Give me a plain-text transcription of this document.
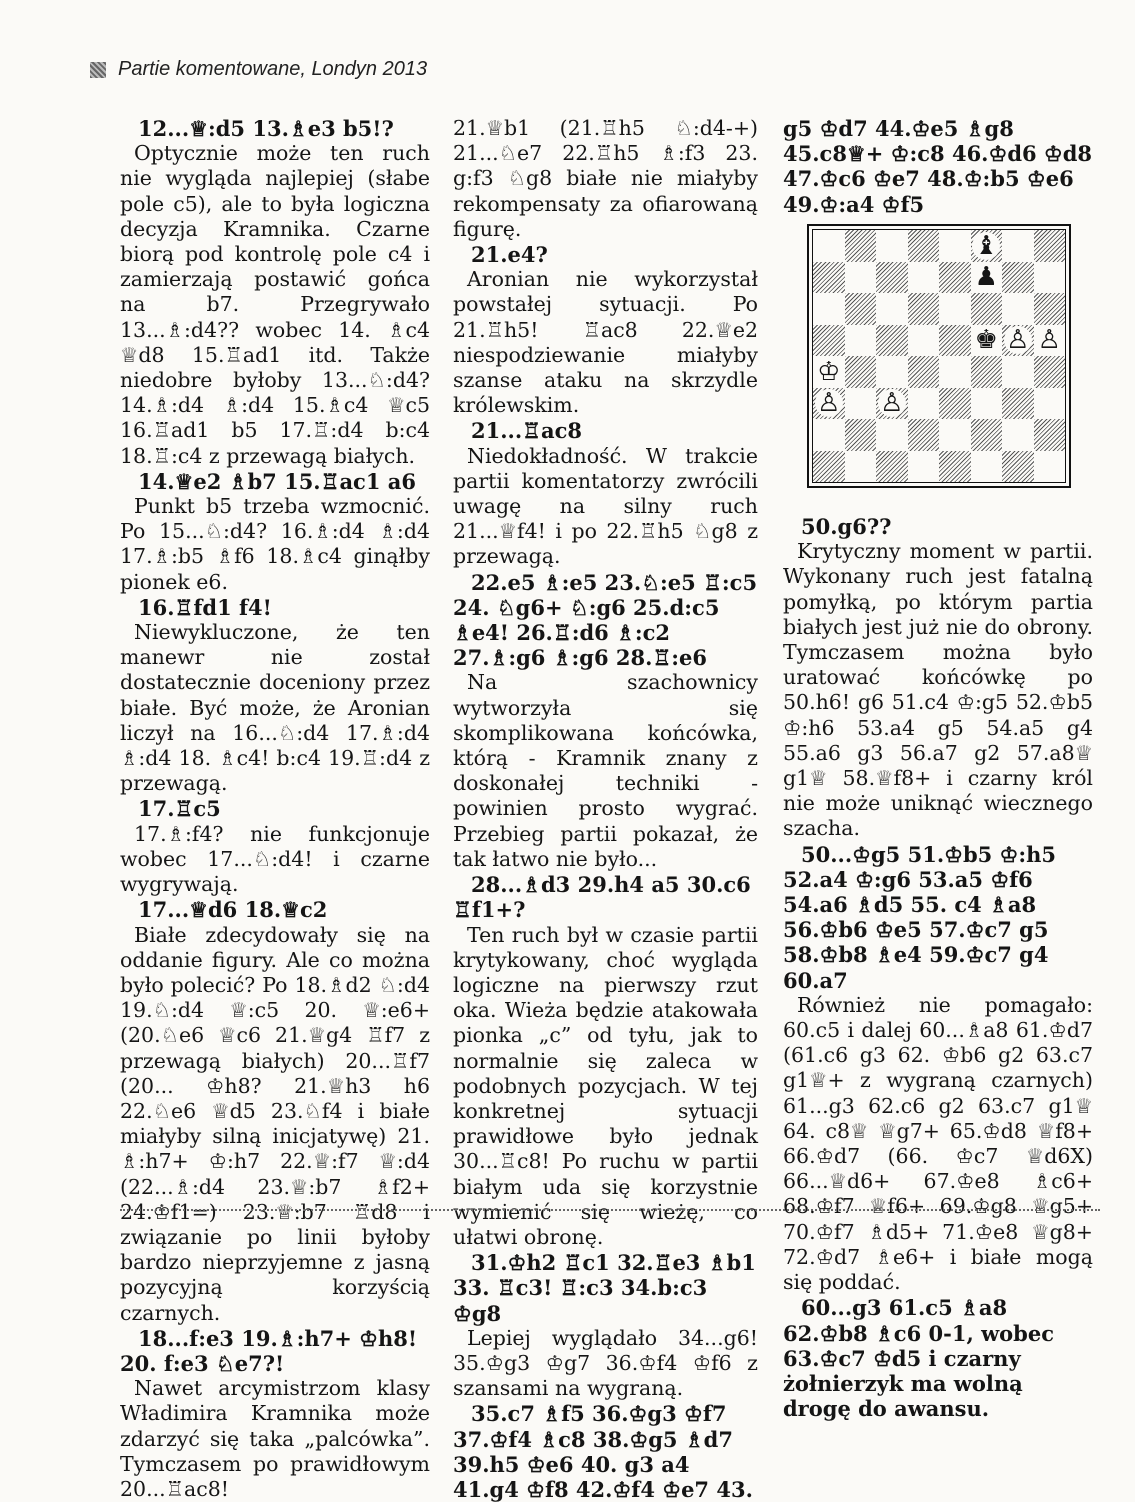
Partie komentowane, Londyn 2013

12...♕:d5 13.♗e3 b5!?

Optycznie może ten ruch nie wygląda najlepiej (słabe pole c5), ale to była logiczna decyzja Kramnika. Czarne biorą pod kontrolę pole c4 i zamierzają postawić gońca na b7. Przegrywało 13...♗:d4?? wobec 14. ♗c4 ♕d8 15.♖ad1 itd. Także niedobre byłoby 13...♘:d4? 14.♗:d4 ♗:d4 15.♗c4 ♕c5 16.♖ad1 b5 17.♖:d4 b:c4 18.♖:c4 z przewagą białych.

14.♕e2 ♗b7 15.♖ac1 a6

Punkt b5 trzeba wzmocnić. Po 15...♘:d4? 16.♗:d4 ♗:d4 17.♗:b5 ♗f6 18.♗c4 ginąłby pionek e6.

16.♖fd1 f4!

Niewykluczone, że ten manewr nie został dostatecznie doceniony przez białe. Być może, że Aronian liczył na 16...♘:d4 17.♗:d4 ♗:d4 18. ♗c4! b:c4 19.♖:d4 z przewagą.

17.♖c5

17.♗:f4? nie funkcjonuje wobec 17...♘:d4! i czarne wygrywają.

17...♕d6 18.♕c2

Białe zdecydowały się na oddanie figury. Ale co można było polecić? Po 18.♗d2 ♘:d4 19.♘:d4 ♕:c5 20. ♕:e6+ (20.♘e6 ♕c6 21.♕g4 ♖f7 z przewagą białych) 20...♖f7 (20... ♔h8? 21.♕h3 h6 22.♘e6 ♕d5 23.♘f4 i białe miałyby silną inicjatywę) 21. ♗:h7+ ♔:h7 22.♕:f7 ♕:d4 (22...♗:d4 23.♕:b7 ♗f2+ 24.♔f1=) 23.♕:b7 ♖d8 i związanie po linii byłoby bardzo nieprzyjemne z jasną pozycyjną korzyścią czarnych.

18...f:e3 19.♗:h7+ ♔h8! 20. f:e3 ♘e7?!

Nawet arcymistrzom klasy Władimira Kramnika może zdarzyć się taka „palcówka”. Tymczasem po prawidłowym 20...♖ac8!

21.♕b1 (21.♖h5 ♘:d4-+) 21...♘e7 22.♖h5 ♗:f3 23. g:f3 ♘g8 białe nie miałyby rekompensaty za ofiarowaną figurę.

21.e4?

Aronian nie wykorzystał powstałej sytuacji. Po 21.♖h5! ♖ac8 22.♕e2 niespodziewanie miałyby szanse ataku na skrzydle królewskim.

21...♖ac8

Niedokładność. W trakcie partii komentatorzy zwrócili uwagę na silny ruch 21...♕f4! i po 22.♖h5 ♘g8 z przewagą.

22.e5 ♗:e5 23.♘:e5 ♖:c5 24. ♘g6+ ♘:g6 25.d:c5 ♗e4! 26.♖:d6 ♗:c2 27.♗:g6 ♗:g6 28.♖:e6

Na szachownicy wytworzyła się skomplikowana końcówka, którą - Kramnik znany z doskonałej techniki - powinien prosto wygrać. Przebieg partii pokazał, że tak łatwo nie było...

28...♗d3 29.h4 a5 30.c6 ♖f1+?

Ten ruch był w czasie partii krytykowany, choć wygląda logiczne na pierwszy rzut oka. Wieża będzie atakowała pionka „c” od tyłu, jak to normalnie się zaleca w podobnych pozycjach. W tej konkretnej sytuacji prawidłowe było jednak 30...♖c8! Po ruchu w partii białym uda się korzystnie wymienić się wieżę, co ułatwi obronę.

31.♔h2 ♖c1 32.♖e3 ♗b1 33. ♖c3! ♖:c3 34.b:c3 ♔g8

Lepiej wyglądało 34...g6! 35.♔g3 ♔g7 36.♔f4 ♔f6 z szansami na wygraną.

35.c7 ♗f5 36.♔g3 ♔f7 37.♔f4 ♗c8 38.♔g5 ♗d7 39.h5 ♔e6 40. g3 a4 41.g4 ♔f8 42.♔f4 ♔e7 43.

g5 ♔d7 44.♔e5 ♗g8 45.c8♕+ ♔:c8 46.♔d6 ♔d8 47.♔c6 ♔e7 48.♔:b5 ♔e6 49.♔:a4 ♔f5

♝
♟
♚ ♙ ♙
♔
♙ ♙

50.g6??

Krytyczny moment w partii. Wykonany ruch jest fatalną pomyłką, po którym partia białych jest już nie do obrony. Tymczasem można było uratować końcówkę po 50.h6! g6 51.c4 ♔:g5 52.♔b5 ♔:h6 53.a4 g5 54.a5 g4 55.a6 g3 56.a7 g2 57.a8♕ g1♕ 58.♕f8+ i czarny król nie może uniknąć wiecznego szacha.

50...♔g5 51.♔b5 ♔:h5 52.a4 ♔:g6 53.a5 ♔f6 54.a6 ♗d5 55. c4 ♗a8 56.♔b6 ♔e5 57.♔c7 g5 58.♔b8 ♗e4 59.♔c7 g4 60.a7

Również nie pomagało: 60.c5 i dalej 60...♗a8 61.♔d7 (61.c6 g3 62. ♔b6 g2 63.c7 g1♕+ z wygraną czarnych) 61...g3 62.c6 g2 63.c7 g1♕ 64. c8♕ ♕g7+ 65.♔d8 ♕f8+ 66.♔d7 (66. ♔c7 ♕d6X) 66...♕d6+ 67.♔e8 ♗c6+ 68.♔f7 ♕f6+ 69.♔g8 ♕g5+ 70.♔f7 ♗d5+ 71.♔e8 ♕g8+ 72.♔d7 ♗e6+ i białe mogą się poddać.

60...g3 61.c5 ♗a8 62.♔b8 ♗c6 0-1, wobec 63.♔c7 ♔d5 i czarny żołnierzyk ma wolną drogę do awansu.
